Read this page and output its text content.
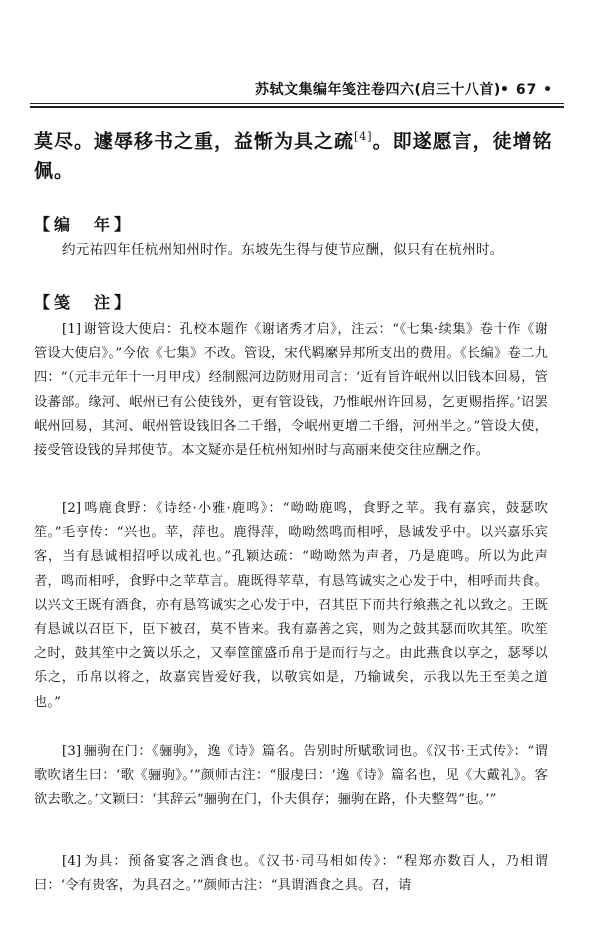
苏轼文集编年笺注卷四六(启三十八首) • 67 •
莫尽。遽辱移书之重，益惭为具之疏[4]。即遂愿言，徒增铭佩。
【编　年】
约元祐四年任杭州知州时作。东坡先生得与使节应酬，似只有在杭州时。
【笺　注】
[1] 谢管设大使启：孔校本题作《谢诸秀才启》，注云：“《七集·续集》卷十作《谢管设大使启》。”今依《七集》不改。管设，宋代羁縻异邦所支出的费用。《长编》卷二九四：“（元丰元年十一月甲戌）经制熙河边防财用司言：‘近有旨许岷州以旧钱本回易，管设蕃部。缘河、岷州已有公使钱外，更有管设钱，乃惟岷州许回易，乞更赐指挥。’诏罢岷州回易，其河、岷州管设钱旧各二千缗，令岷州更增二千缗，河州半之。”管设大使，接受管设钱的异邦使节。本文疑亦是任杭州知州时与高丽来使交往应酬之作。
[2] 鸣鹿食野：《诗经·小雅·鹿鸣》：“呦呦鹿鸣，食野之苹。我有嘉宾，鼓瑟吹笙。”毛亨传：“兴也。苹，萍也。鹿得萍，呦呦然鸣而相呼，恳诚发乎中。以兴嘉乐宾客，当有恳诚相招呼以成礼也。”孔颖达疏：“呦呦然为声者，乃是鹿鸣。所以为此声者，鸣而相呼，食野中之苹草言。鹿既得苹草，有恳笃诚实之心发于中，相呼而共食。以兴文王既有酒食，亦有恳笃诚实之心发于中，召其臣下而共行飨燕之礼以致之。王既有恳诚以召臣下，臣下被召，莫不皆来。我有嘉善之宾，则为之鼓其瑟而吹其笙。吹笙之时，鼓其笙中之簧以乐之，又奉筐篚盛币帛于是而行与之。由此燕食以享之，瑟琴以乐之，币帛以将之，故嘉宾皆爱好我，以敬宾如是，乃输诚矣，示我以先王至美之道也。”
[3] 骊驹在门：《骊驹》，逸《诗》篇名。告别时所赋歌词也。《汉书·王式传》：“谓歌吹诸生曰：‘歌《骊驹》。’”颜师古注：“服虔曰：‘逸《诗》篇名也，见《大戴礼》。客欲去歌之。’文颖曰：‘其辞云“骊驹在门，仆夫俱存；骊驹在路，仆夫整驾”也。’”
[4] 为具：预备宴客之酒食也。《汉书·司马相如传》：“程郑亦数百人，乃相谓曰：‘令有贵客，为具召之。’”颜师古注：“具谓酒食之具。召，请
